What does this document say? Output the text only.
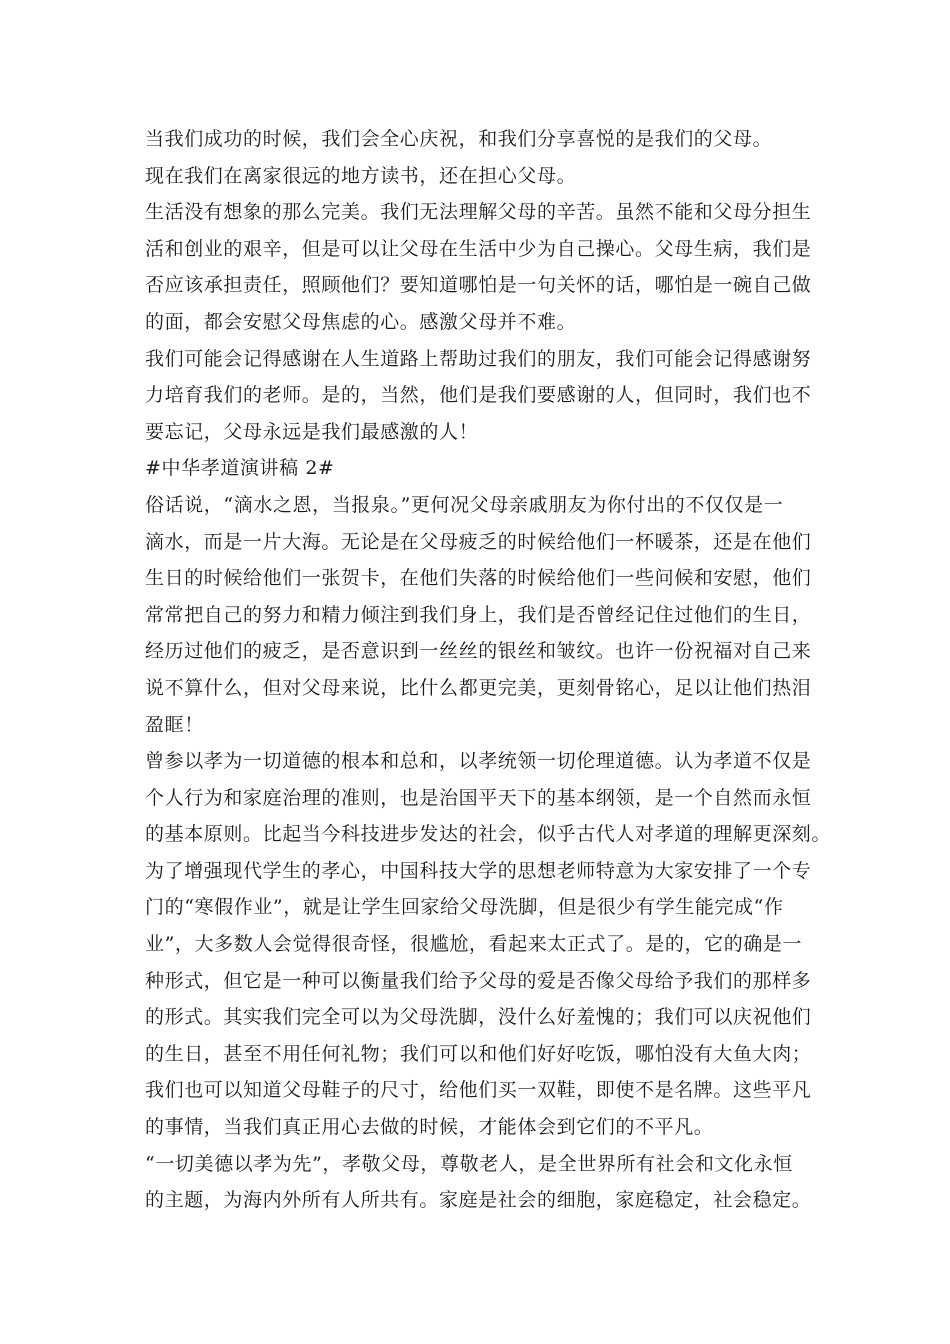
当我们成功的时候，我们会全心庆祝，和我们分享喜悦的是我们的父母。
现在我们在离家很远的地方读书，还在担心父母。
生活没有想象的那么完美。我们无法理解父母的辛苦。虽然不能和父母分担生
活和创业的艰辛，但是可以让父母在生活中少为自己操心。父母生病，我们是
否应该承担责任，照顾他们？要知道哪怕是一句关怀的话，哪怕是一碗自己做
的面，都会安慰父母焦虑的心。感激父母并不难。
我们可能会记得感谢在人生道路上帮助过我们的朋友，我们可能会记得感谢努
力培育我们的老师。是的，当然，他们是我们要感谢的人，但同时，我们也不
要忘记，父母永远是我们最感激的人！
#中华孝道演讲稿 2#
俗话说，“滴水之恩，当报泉。”更何况父母亲戚朋友为你付出的不仅仅是一
滴水，而是一片大海。无论是在父母疲乏的时候给他们一杯暖茶，还是在他们
生日的时候给他们一张贺卡，在他们失落的时候给他们一些问候和安慰，他们
常常把自己的努力和精力倾注到我们身上，我们是否曾经记住过他们的生日，
经历过他们的疲乏，是否意识到一丝丝的银丝和皱纹。也许一份祝福对自己来
说不算什么，但对父母来说，比什么都更完美，更刻骨铭心，足以让他们热泪
盈眶！
曾参以孝为一切道德的根本和总和，以孝统领一切伦理道德。认为孝道不仅是
个人行为和家庭治理的准则，也是治国平天下的基本纲领，是一个自然而永恒
的基本原则。比起当今科技进步发达的社会，似乎古代人对孝道的理解更深刻。
为了增强现代学生的孝心，中国科技大学的思想老师特意为大家安排了一个专
门的“寒假作业”，就是让学生回家给父母洗脚，但是很少有学生能完成“作
业”，大多数人会觉得很奇怪，很尴尬，看起来太正式了。是的，它的确是一
种形式，但它是一种可以衡量我们给予父母的爱是否像父母给予我们的那样多
的形式。其实我们完全可以为父母洗脚，没什么好羞愧的；我们可以庆祝他们
的生日，甚至不用任何礼物；我们可以和他们好好吃饭，哪怕没有大鱼大肉；
我们也可以知道父母鞋子的尺寸，给他们买一双鞋，即使不是名牌。这些平凡
的事情，当我们真正用心去做的时候，才能体会到它们的不平凡。
“一切美德以孝为先”，孝敬父母，尊敬老人，是全世界所有社会和文化永恒
的主题，为海内外所有人所共有。家庭是社会的细胞，家庭稳定，社会稳定。
